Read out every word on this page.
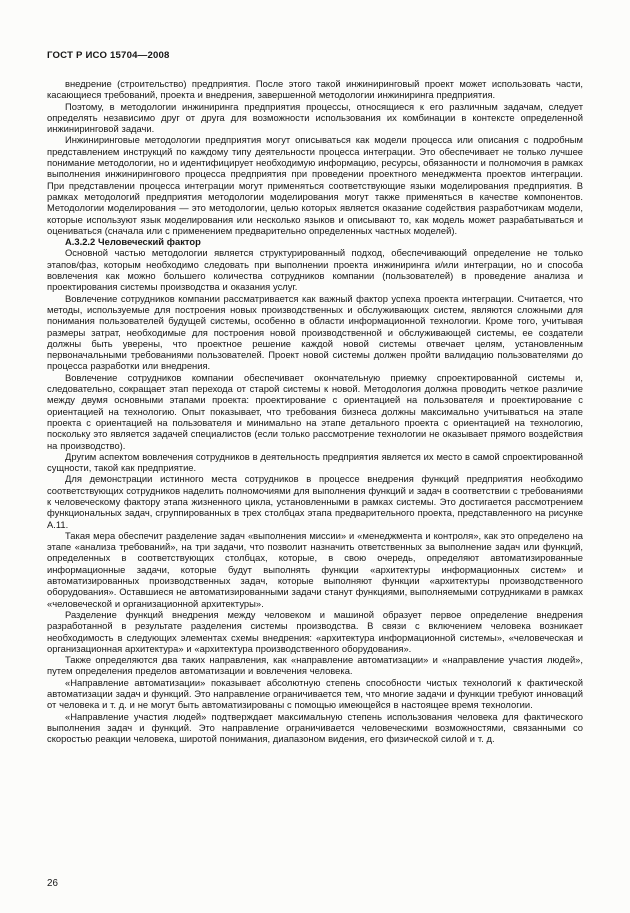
ГОСТ Р ИСО 15704—2008

внедрение (строительство) предприятия. После этого такой инжиниринговый проект может использовать части, касающиеся требований, проекта и внедрения, завершенной методологии инжиниринга предприятия.

Поэтому, в методологии инжиниринга предприятия процессы, относящиеся к его различным задачам, следует определять независимо друг от друга для возможности использования их комбинации в контексте определенной инжиниринговой задачи.

Инжиниринговые методологии предприятия могут описываться как модели процесса или описания с подробным представлением инструкций по каждому типу деятельности процесса интеграции. Это обеспечивает не только лучшее понимание методологии, но и идентифицирует необходимую информацию, ресурсы, обязанности и полномочия в рамках выполнения инжинирингового процесса предприятия при проведении проектного менеджмента проектов интеграции. При представлении процесса интеграции могут применяться соответствующие языки моделирования предприятия. В рамках методологий предприятия методологии моделирования могут также применяться в качестве компонентов. Методологии моделирования — это методологии, целью которых является оказание содействия разработчикам модели, которые используют язык моделирования или несколько языков и описывают то, как модель может разрабатываться и оцениваться (сначала или с применением предварительно определенных частных моделей).

А.3.2.2 Человеческий фактор

Основной частью методологии является структурированный подход, обеспечивающий определение не только этапов/фаз, которым необходимо следовать при выполнении проекта инжиниринга и/или интеграции, но и способа вовлечения как можно большего количества сотрудников компании (пользователей) в проведение анализа и проектирования системы производства и оказания услуг.

Вовлечение сотрудников компании рассматривается как важный фактор успеха проекта интеграции. Считается, что методы, используемые для построения новых производственных и обслуживающих систем, являются сложными для понимания пользователей будущей системы, особенно в области информационной технологии. Кроме того, учитывая размеры затрат, необходимые для построения новой производственной и обслуживающей системы, ее создатели должны быть уверены, что проектное решение каждой новой системы отвечает целям, установленным первоначальными требованиями пользователей. Проект новой системы должен пройти валидацию пользователями до процесса разработки или внедрения.

Вовлечение сотрудников компании обеспечивает окончательную приемку спроектированной системы и, следовательно, сокращает этап перехода от старой системы к новой. Методология должна проводить четкое различие между двумя основными этапами проекта: проектирование с ориентацией на пользователя и проектирование с ориентацией на технологию. Опыт показывает, что требования бизнеса должны максимально учитываться на этапе проекта с ориентацией на пользователя и минимально на этапе детального проекта с ориентацией на технологию, поскольку это является задачей специалистов (если только рассмотрение технологии не оказывает прямого воздействия на производство).

Другим аспектом вовлечения сотрудников в деятельность предприятия является их место в самой спроектированной сущности, такой как предприятие.

Для демонстрации истинного места сотрудников в процессе внедрения функций предприятия необходимо соответствующих сотрудников наделить полномочиями для выполнения функций и задач в соответствии с требованиями к человеческому фактору этапа жизненного цикла, установленными в рамках системы. Это достигается рассмотрением функциональных задач, сгруппированных в трех столбцах этапа предварительного проекта, представленного на рисунке А.11.

Такая мера обеспечит разделение задач «выполнения миссии» и «менеджмента и контроля», как это определено на этапе «анализа требований», на три задачи, что позволит назначить ответственных за выполнение задач или функций, определенных в соответствующих столбцах, которые, в свою очередь, определяют автоматизированные информационные задачи, которые будут выполнять функции «архитектуры информационных систем» и автоматизированных производственных задач, которые выполняют функции «архитектуры производственного оборудования». Оставшиеся не автоматизированными задачи станут функциями, выполняемыми сотрудниками в рамках «человеческой и организационной архитектуры».

Разделение функций внедрения между человеком и машиной образует первое определение внедрения разработанной в результате разделения системы производства. В связи с включением человека возникает необходимость в следующих элементах схемы внедрения: «архитектура информационной системы», «человеческая и организационная архитектура» и «архитектура производственного оборудования».

Также определяются два таких направления, как «направление автоматизации» и «направление участия людей», путем определения пределов автоматизации и вовлечения человека.

«Направление автоматизации» показывает абсолютную степень способности чистых технологий к фактической автоматизации задач и функций. Это направление ограничивается тем, что многие задачи и функции требуют инноваций от человека и т. д. и не могут быть автоматизированы с помощью имеющейся в настоящее время технологии.

«Направление участия людей» подтверждает максимальную степень использования человека для фактического выполнения задач и функций. Это направление ограничивается человеческими возможностями, связанными со скоростью реакции человека, широтой понимания, диапазоном видения, его физической силой и т. д.

26
